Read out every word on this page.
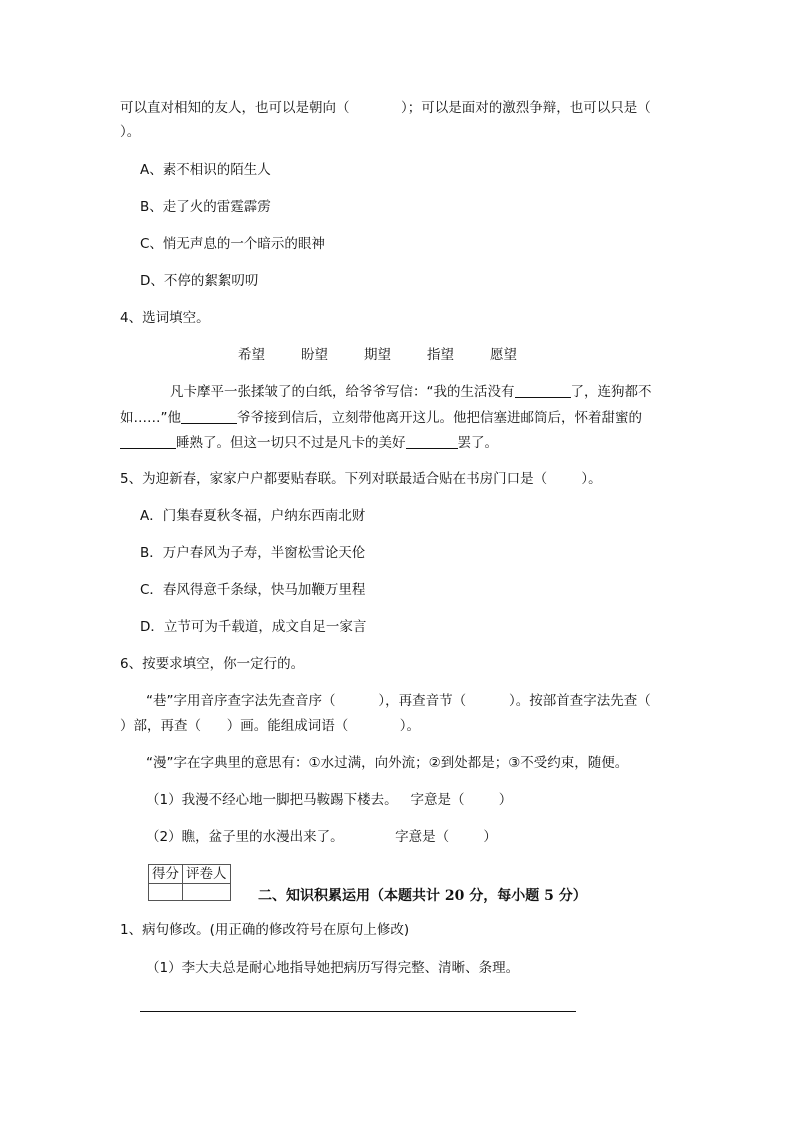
可以直对相知的友人，也可以是朝向（            ）；可以是面对的激烈争辩，也可以只是（
）。
A、素不相识的陌生人
B、走了火的雷霆霹雳
C、悄无声息的一个暗示的眼神
D、不停的絮絮叨叨
4、选词填空。
希望	盼望	期望	指望	愿望
凡卡摩平一张揉皱了的白纸，给爷爷写信：“我的生活没有	了，连狗都不
如……”他	爷爷接到信后，立刻带他离开这儿。他把信塞进邮筒后，怀着甜蜜的
睡熟了。但这一切只不过是凡卡的美好	罢了。
5、为迎新春，家家户户都要贴春联。下列对联最适合贴在书房门口是（        ）。
A．门集春夏秋冬福，户纳东西南北财
B．万户春风为子寿，半窗松雪论天伦
C．春风得意千条绿，快马加鞭万里程
D．立节可为千载道，成文自足一家言
6、按要求填空，你一定行的。
“巷”字用音序查字法先查音序（          ），再查音节（          ）。按部首查字法先查（
）部，再查（      ）画。能组成词语（            ）。
“漫”字在字典里的意思有：①水过满，向外流；②到处都是；③不受约束，随便。
（1）我漫不经心地一脚把马鞍踢下楼去。   字意是（        ）
（2）瞧，盆子里的水漫出来了。            字意是（        ）
得分	评卷人

二、知识积累运用（本题共计 20 分，每小题 5 分）
1、病句修改。(用正确的修改符号在原句上修改)
（1）李大夫总是耐心地指导她把病历写得完整、清晰、条理。
